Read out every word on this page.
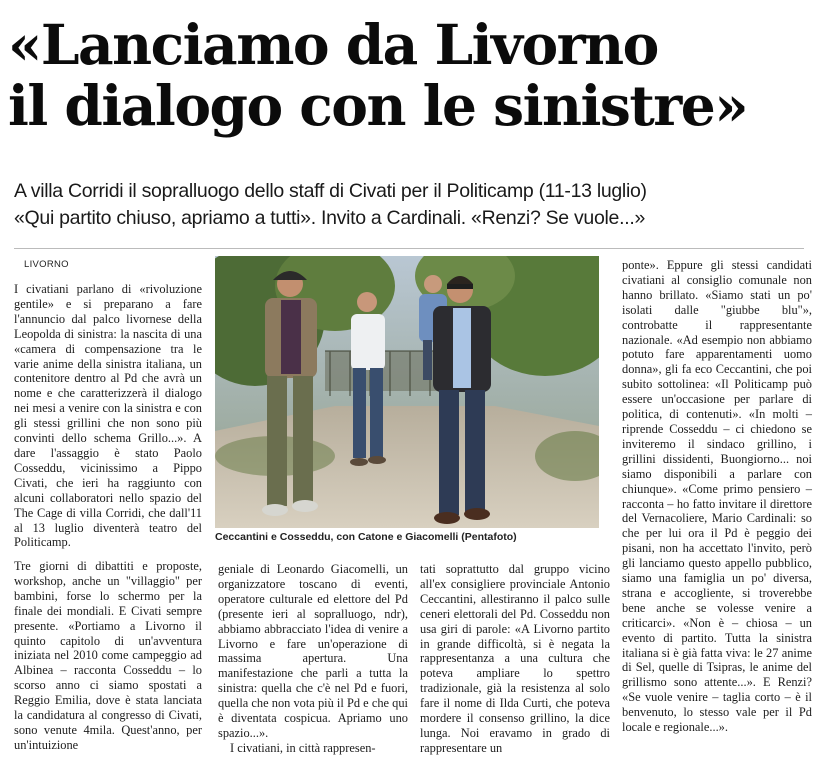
«Lanciamo da Livorno
il dialogo con le sinistre»
A villa Corridi il sopralluogo dello staff di Civati per il Politicamp (11-13 luglio)
«Qui partito chiuso, apriamo a tutti». Invito a Cardinali. «Renzi? Se vuole...»
LIVORNO

I civatiani parlano di «rivoluzione gentile» e si preparano a fare l'annuncio dal palco livornese della Leopolda di sinistra: la nascita di una «camera di compensazione tra le varie anime della sinistra italiana, un contenitore dentro al Pd che avrà un nome e che caratterizzerà il dialogo nei mesi a venire con la sinistra e con gli stessi grillini che non sono più convinti dello schema Grillo...». A dare l'assaggio è stato Paolo Cosseddu, vicinissimo a Pippo Civati, che ieri ha raggiunto con alcuni collaboratori nello spazio del The Cage di villa Corridi, che dall'11 al 13 luglio diventerà teatro del Politicamp.

Tre giorni di dibattiti e proposte, workshop, anche un "villaggio" per bambini, forse lo schermo per la finale dei mondiali. E Civati sempre presente. «Portiamo a Livorno il quinto capitolo di un'avventura iniziata nel 2010 come campeggio ad Albinea – racconta Cosseddu – lo scorso anno ci siamo spostati a Reggio Emilia, dove è stata lanciata la candidatura al congresso di Civati, sono venute 4mila. Quest'anno, per un'intuizione

Ceccantini e Cosseddu, con Catone e Giacomelli (Pentafoto)

geniale di Leonardo Giacomelli, un organizzatore toscano di eventi, operatore culturale ed elettore del Pd (presente ieri al sopralluogo, ndr), abbiamo abbracciato l'idea di venire a Livorno e fare un'operazione di massima apertura. Una manifestazione che parli a tutta la sinistra: quella che c'è nel Pd e fuori, quella che non vota più il Pd e che qui è diventata cospicua. Apriamo uno spazio...».

I civatiani, in città rappresen-

tati soprattutto dal gruppo vicino all'ex consigliere provinciale Antonio Ceccantini, allestiranno il palco sulle ceneri elettorali del Pd. Cosseddu non usa giri di parole: «A Livorno partito in grande difficoltà, si è negata la rappresentanza a una cultura che poteva ampliare lo spettro tradizionale, già la resistenza al solo fare il nome di Ilda Curti, che poteva mordere il consenso grillino, la dice lunga. Noi eravamo in grado di rappresentare un

ponte». Eppure gli stessi candidati civatiani al consiglio comunale non hanno brillato. «Siamo stati un po' isolati dalle "giubbe blu"», controbatte il rappresentante nazionale. «Ad esempio non abbiamo potuto fare apparentamenti uomo donna», gli fa eco Ceccantini, che poi subito sottolinea: «Il Politicamp può essere un'occasione per parlare di politica, di contenuti». «In molti – riprende Cosseddu – ci chiedono se inviteremo il sindaco grillino, i grillini dissidenti, Buongiorno... noi siamo disponibili a parlare con chiunque». «Come primo pensiero – racconta – ho fatto invitare il direttore del Vernacoliere, Mario Cardinali: so che per lui ora il Pd è peggio dei pisani, non ha accettato l'invito, però gli lanciamo questo appello pubblico, siamo una famiglia un po' diversa, strana e accogliente, si troverebbe bene anche se volesse venire a criticarci». «Non è – chiosa – un evento di partito. Tutta la sinistra italiana si è già fatta viva: le 27 anime di Sel, quelle di Tsipras, le anime del grillismo sono attente...». E Renzi? «Se vuole venire – taglia corto – è il benvenuto, lo stesso vale per il Pd locale e regionale...».
